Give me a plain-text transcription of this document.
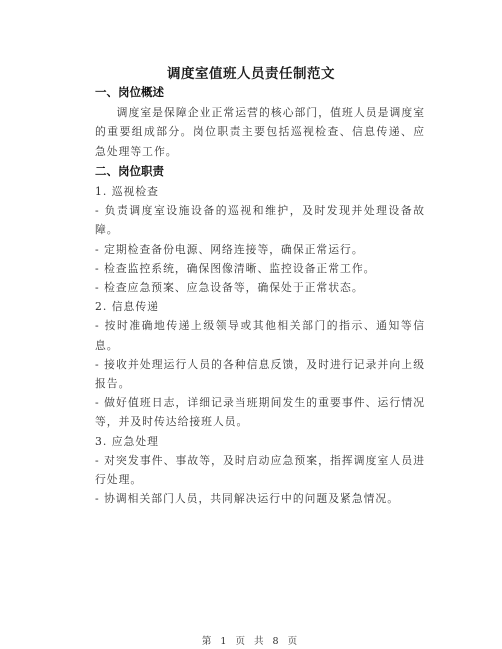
调度室值班人员责任制范文
一、岗位概述

调度室是保障企业正常运营的核心部门，值班人员是调度室的重要组成部分。岗位职责主要包括巡视检查、信息传递、应急处理等工作。

二、岗位职责

1. 巡视检查

- 负责调度室设施设备的巡视和维护，及时发现并处理设备故障。

- 定期检查备份电源、网络连接等，确保正常运行。

- 检查监控系统，确保图像清晰、监控设备正常工作。

- 检查应急预案、应急设备等，确保处于正常状态。

2. 信息传递

- 按时准确地传递上级领导或其他相关部门的指示、通知等信息。

- 接收并处理运行人员的各种信息反馈，及时进行记录并向上级报告。

- 做好值班日志，详细记录当班期间发生的重要事件、运行情况等，并及时传达给接班人员。

3. 应急处理

- 对突发事件、事故等，及时启动应急预案，指挥调度室人员进行处理。

- 协调相关部门人员，共同解决运行中的问题及紧急情况。

第 1 页 共 8 页
